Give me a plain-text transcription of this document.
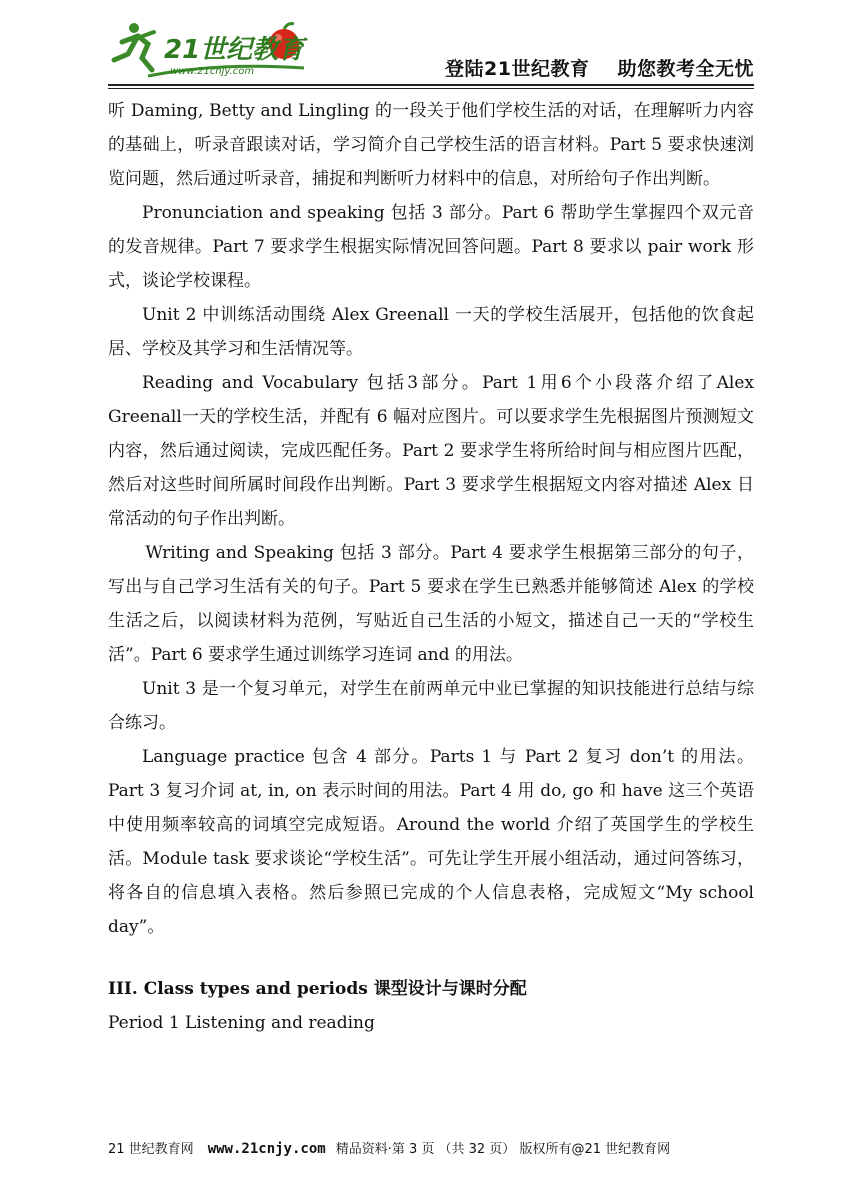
21世纪教育
www.21cnjy.com	登陆21世纪教育 助您教考全无忧

听 Daming, Betty and Lingling 的一段关于他们学校生活的对话，在理解听力内容的基础上，听录音跟读对话，学习简介自己学校生活的语言材料。Part 5 要求快速浏览问题，然后通过听录音，捕捉和判断听力材料中的信息，对所给句子作出判断。

Pronunciation and speaking 包括 3 部分。Part 6 帮助学生掌握四个双元音的发音规律。Part 7 要求学生根据实际情况回答问题。Part 8 要求以 pair work 形式，谈论学校课程。

Unit 2 中训练活动围绕 Alex Greenall 一天的学校生活展开，包括他的饮食起居、学校及其学习和生活情况等。

Reading and Vocabulary 包括3部分。Part 1用6个小段落介绍了Alex Greenall一天的学校生活，并配有 6 幅对应图片。可以要求学生先根据图片预测短文内容，然后通过阅读，完成匹配任务。Part 2 要求学生将所给时间与相应图片匹配，然后对这些时间所属时间段作出判断。Part 3 要求学生根据短文内容对描述 Alex 日常活动的句子作出判断。

Writing and Speaking 包括 3 部分。Part 4 要求学生根据第三部分的句子，写出与自己学习生活有关的句子。Part 5 要求在学生已熟悉并能够简述 Alex 的学校生活之后，以阅读材料为范例，写贴近自己生活的小短文，描述自己一天的“学校生活”。Part 6 要求学生通过训练学习连词 and 的用法。

Unit 3 是一个复习单元，对学生在前两单元中业已掌握的知识技能进行总结与综合练习。

Language practice 包含 4 部分。Parts 1 与 Part 2 复习 don’t 的用法。Part 3 复习介词 at, in, on 表示时间的用法。Part 4 用 do, go 和 have 这三个英语中使用频率较高的词填空完成短语。Around the world 介绍了英国学生的学校生活。Module task 要求谈论“学校生活”。可先让学生开展小组活动，通过问答练习，将各自的信息填入表格。然后参照已完成的个人信息表格，完成短文“My school day”。

III. Class types and periods 课型设计与课时分配

Period 1 Listening and reading

21 世纪教育网 www.21cnjy.com 精品资料·第 3 页 （共 32 页） 版权所有@21 世纪教育网
